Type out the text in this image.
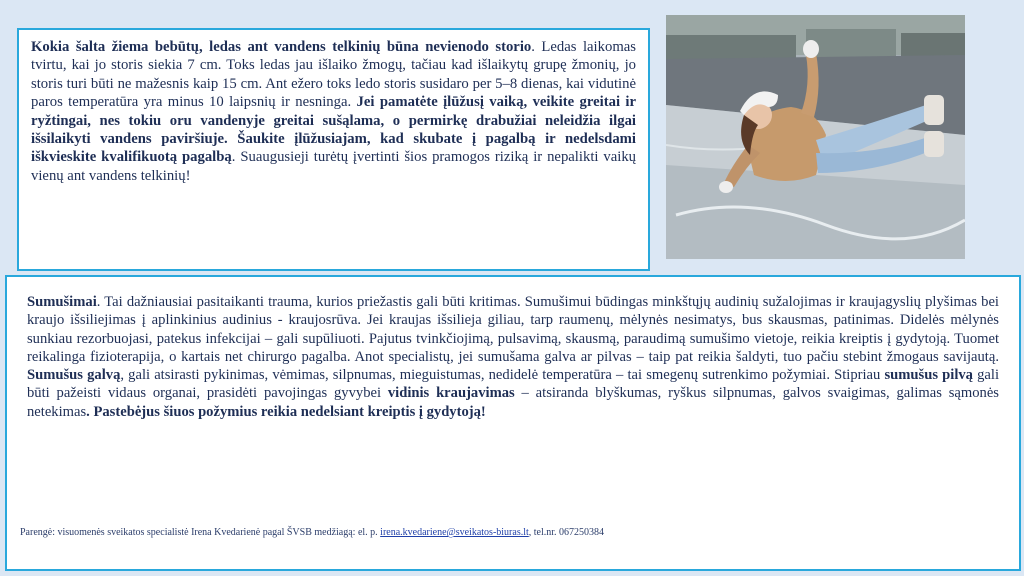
Kokia šalta žiema bebūtų, ledas ant vandens telkinių būna nevienodo storio. Ledas laikomas tvirtu, kai jo storis siekia 7 cm. Toks ledas jau išlaiko žmogų, tačiau kad išlaikytų grupę žmonių, jo storis turi būti ne mažesnis kaip 15 cm. Ant ežero toks ledo storis susidaro per 5–8 dienas, kai vidutinė paros temperatūra yra minus 10 laipsnių ir nesninga. Jei pamatėte įlūžusį vaiką, veikite greitai ir ryžtingai, nes tokiu oru vandenyje greitai sušąlama, o permirkę drabužiai neleidžia ilgai išsilaikyti vandens paviršiuje. Šaukite įlūžusiajam, kad skubate į pagalbą ir nedelsdami iškvieskite kvalifikuotą pagalbą. Suaugusieji turėtų įvertinti šios pramogos riziką ir nepalikti vaikų vienų ant vandens telkinių!

Sumušimai. Tai dažniausiai pasitaikanti trauma, kurios priežastis gali būti kritimas. Sumušimui būdingas minkštųjų audinių sužalojimas ir kraujagyslių plyšimas bei kraujo išsiliejimas į aplinkinius audinius - kraujosrūva. Jei kraujas išsilieja giliau, tarp raumenų, mėlynės nesimatys, bus skausmas, patinimas. Didelės mėlynės sunkiau rezorbuojasi, patekus infekcijai – gali supūliuoti. Pajutus tvinkčiojimą, pulsavimą, skausmą, paraudimą sumušimo vietoje, reikia kreiptis į gydytoją. Tuomet reikalinga fizioterapija, o kartais net chirurgo pagalba. Anot specialistų, jei sumušama galva ar pilvas – taip pat reikia šaldyti, tuo pačiu stebint žmogaus savijautą. Sumušus galvą, gali atsirasti pykinimas, vėmimas, silpnumas, mieguistumas, nedidelė temperatūra – tai smegenų sutrenkimo požymiai. Stipriau sumušus pilvą gali būti pažeisti vidaus organai, prasidėti pavojingas gyvybei vidinis kraujavimas – atsiranda blyškumas, ryškus silpnumas, galvos svaigimas, galimas sąmonės netekimas. Pastebėjus šiuos požymius reikia nedelsiant kreiptis į gydytoją!

Parengė: visuomenės sveikatos specialistė Irena Kvedarienė pagal ŠVSB medžiagą: el. p. irena.kvedariene@sveikatos-biuras.lt, tel.nr. 067250384
